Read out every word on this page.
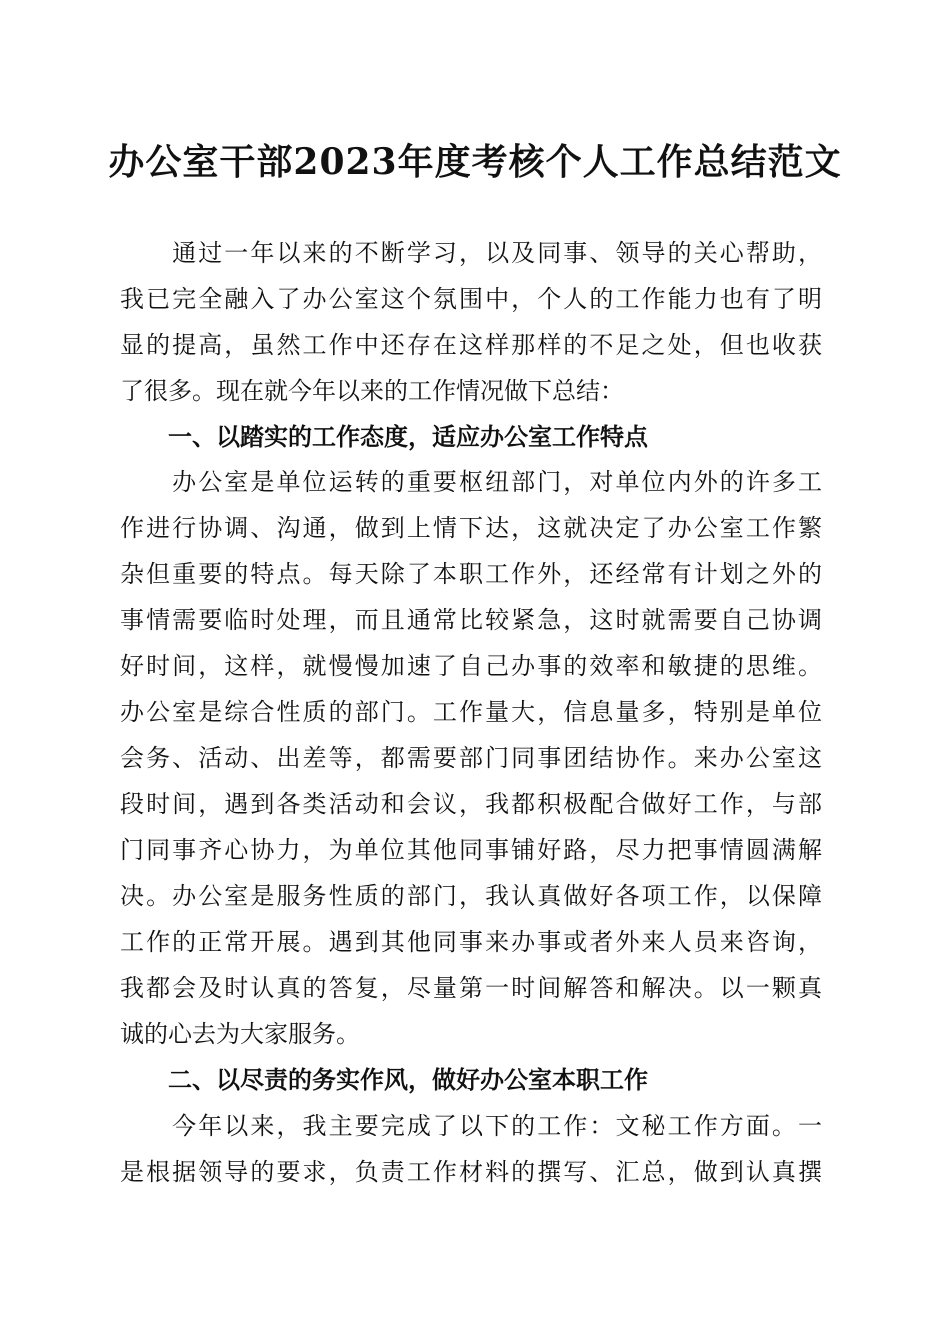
办公室干部2023年度考核个人工作总结范文

　　通过一年以来的不断学习，以及同事、领导的关心帮助，

我已完全融入了办公室这个氛围中，个人的工作能力也有了明

显的提高，虽然工作中还存在这样那样的不足之处，但也收获

了很多。现在就今年以来的工作情况做下总结：

一、以踏实的工作态度，适应办公室工作特点

　　办公室是单位运转的重要枢纽部门，对单位内外的许多工

作进行协调、沟通，做到上情下达，这就决定了办公室工作繁

杂但重要的特点。每天除了本职工作外，还经常有计划之外的

事情需要临时处理，而且通常比较紧急，这时就需要自己协调

好时间，这样，就慢慢加速了自己办事的效率和敏捷的思维。

办公室是综合性质的部门。工作量大，信息量多，特别是单位

会务、活动、出差等，都需要部门同事团结协作。来办公室这

段时间，遇到各类活动和会议，我都积极配合做好工作，与部

门同事齐心协力，为单位其他同事铺好路，尽力把事情圆满解

决。办公室是服务性质的部门，我认真做好各项工作，以保障

工作的正常开展。遇到其他同事来办事或者外来人员来咨询，

我都会及时认真的答复，尽量第一时间解答和解决。以一颗真

诚的心去为大家服务。

二、以尽责的务实作风，做好办公室本职工作

　　今年以来，我主要完成了以下的工作：文秘工作方面。一

是根据领导的要求，负责工作材料的撰写、汇总，做到认真撰
